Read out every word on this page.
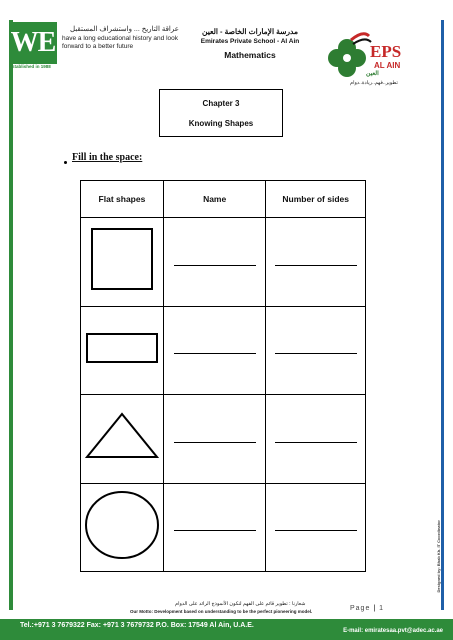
WE
Established in 1988
عراقة التاريخ ... واستشراف المستقبل
have a long educational history and look forward to a better future
مدرسة الإمارات الخاصة - العين
Emirates Private School - Al Ain
Mathematics	EPS
AL AIN
العين
تطوير..فهم..ريادة..دوام
Chapter 3
Knowing Shapes
Fill in the space:
Flat shapes	Name	Number of sides

Designed by: Bhab Kh. IT Coordinator
شعارنا : تطوير قائم على الفهم لنكون الأنموذج الرائد على الدوام
Our Motto: Development based on understanding to be the perfect pioneering model.	Page | 1
Tel.:+971 3 7679322 Fax: +971 3 7679732 P.O. Box: 17549 Al Ain, U.A.E.
E-mail: emiratesaa.pvt@adec.ac.ae
